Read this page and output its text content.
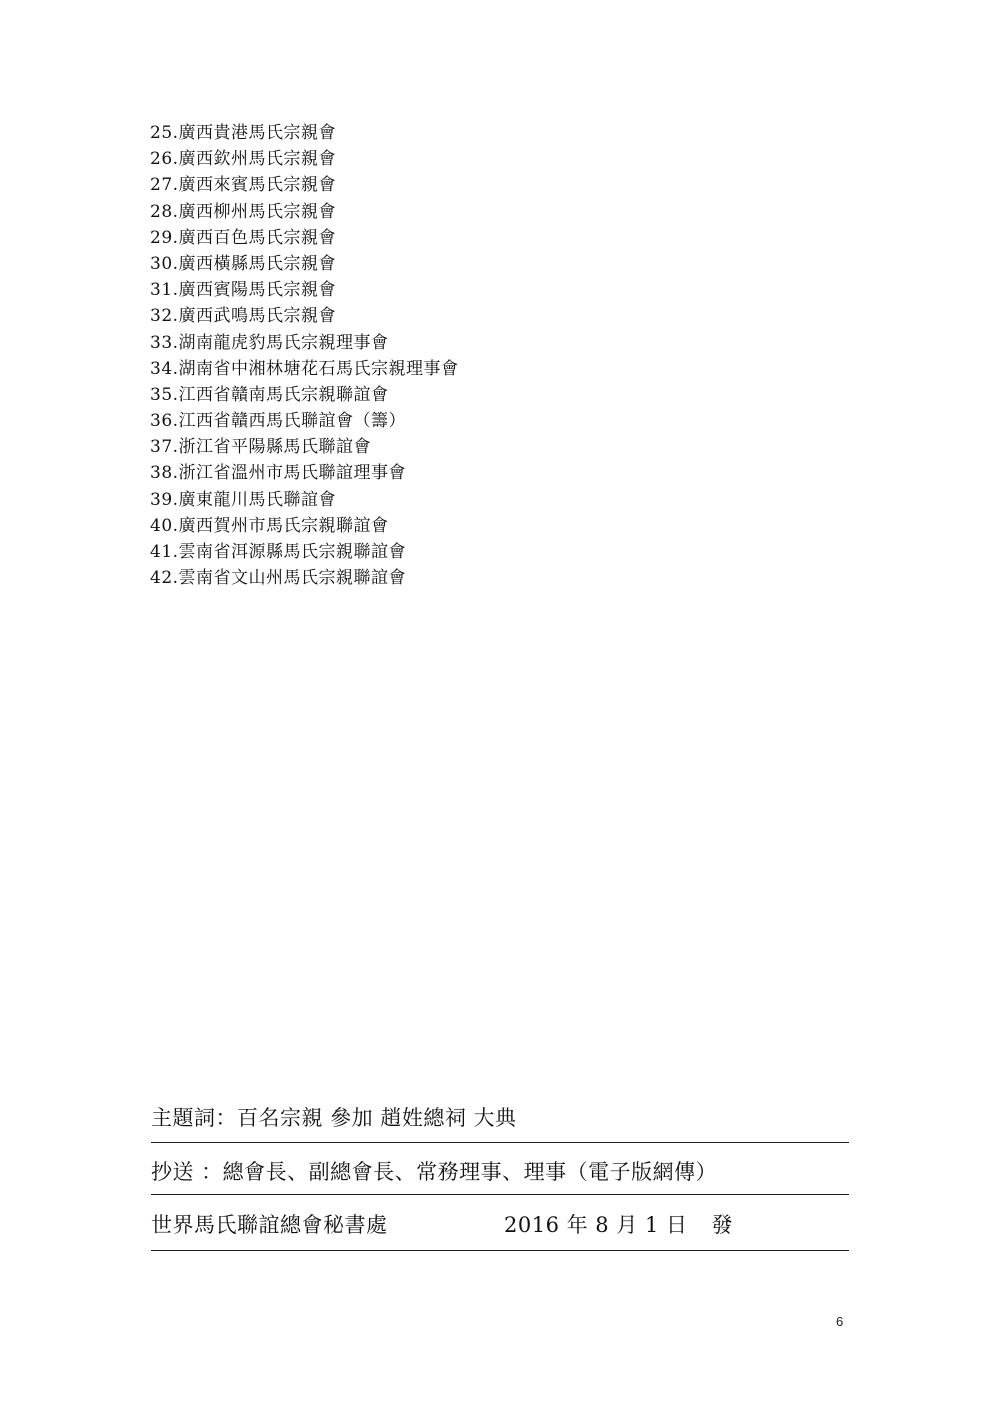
25.廣西貴港馬氏宗親會
26.廣西欽州馬氏宗親會
27.廣西來賓馬氏宗親會
28.廣西柳州馬氏宗親會
29.廣西百色馬氏宗親會
30.廣西橫縣馬氏宗親會
31.廣西賓陽馬氏宗親會
32.廣西武鳴馬氏宗親會
33.湖南龍虎豹馬氏宗親理事會
34.湖南省中湘林塘花石馬氏宗親理事會
35.江西省贛南馬氏宗親聯誼會
36.江西省贛西馬氏聯誼會（籌）
37.浙江省平陽縣馬氏聯誼會
38.浙江省溫州市馬氏聯誼理事會
39.廣東龍川馬氏聯誼會
40.廣西賀州市馬氏宗親聯誼會
41.雲南省洱源縣馬氏宗親聯誼會
42.雲南省文山州馬氏宗親聯誼會
主題詞：百名宗親 參加 趙姓總祠 大典
抄送 ：總會長、副總會長、常務理事、理事（電子版網傳）
世界馬氏聯誼總會秘書處	2016 年 8 月 1 日 發
6
